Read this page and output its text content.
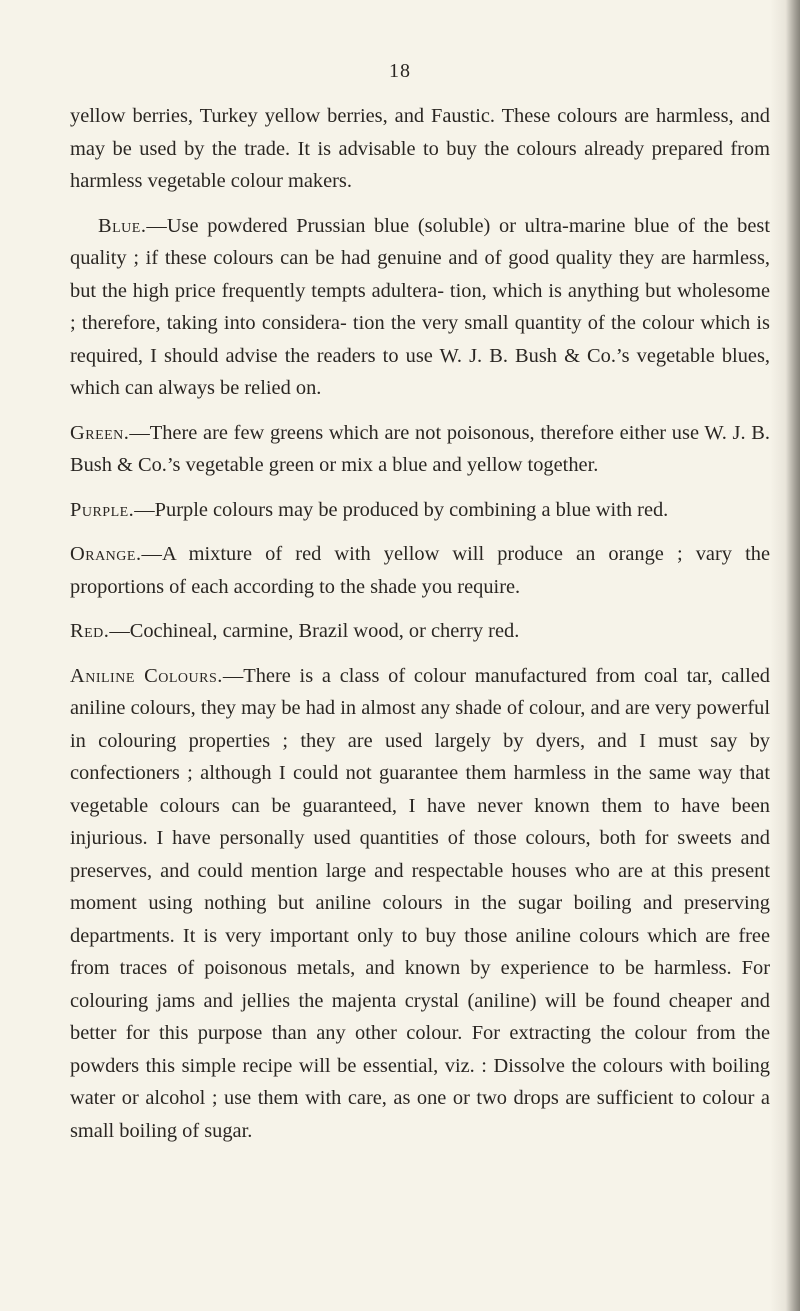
18

yellow berries, Turkey yellow berries, and Faustic. These colours are harmless, and may be used by the trade. It is advisable to buy the colours already prepared from harmless vegetable colour makers.

Blue.—Use powdered Prussian blue (soluble) or ultra-marine blue of the best quality ; if these colours can be had genuine and of good quality they are harmless, but the high price frequently tempts adultera- tion, which is anything but wholesome ; therefore, taking into considera- tion the very small quantity of the colour which is required, I should advise the readers to use W. J. B. Bush & Co.’s vegetable blues, which can always be relied on.

Green.—There are few greens which are not poisonous, therefore either use W. J. B. Bush & Co.’s vegetable green or mix a blue and yellow together.

Purple.—Purple colours may be produced by combining a blue with red.

Orange.—A mixture of red with yellow will produce an orange ; vary the proportions of each according to the shade you require.

Red.—Cochineal, carmine, Brazil wood, or cherry red.

Aniline Colours.—There is a class of colour manufactured from coal tar, called aniline colours, they may be had in almost any shade of colour, and are very powerful in colouring properties ; they are used largely by dyers, and I must say by confectioners ; although I could not guarantee them harmless in the same way that vegetable colours can be guaranteed, I have never known them to have been injurious. I have personally used quantities of those colours, both for sweets and preserves, and could mention large and respectable houses who are at this present moment using nothing but aniline colours in the sugar boiling and preserving departments. It is very important only to buy those aniline colours which are free from traces of poisonous metals, and known by experience to be harmless. For colouring jams and jellies the majenta crystal (aniline) will be found cheaper and better for this purpose than any other colour. For extracting the colour from the powders this simple recipe will be essential, viz. : Dissolve the colours with boiling water or alcohol ; use them with care, as one or two drops are sufficient to colour a small boiling of sugar.
